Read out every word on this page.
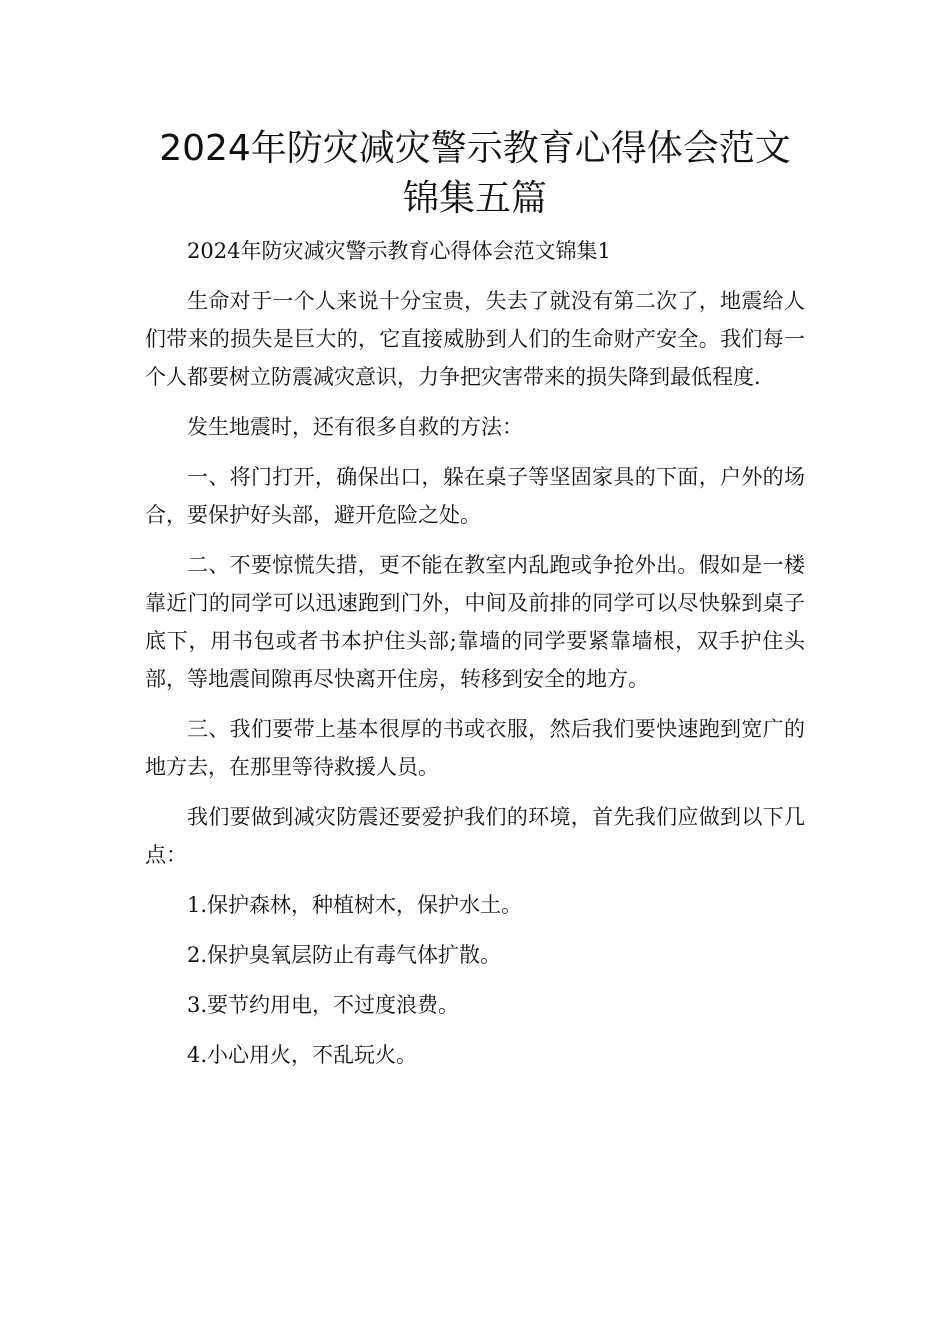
2024年防灾减灾警示教育心得体会范文锦集五篇

2024年防灾减灾警示教育心得体会范文锦集1

生命对于一个人来说十分宝贵，失去了就没有第二次了，地震给人们带来的损失是巨大的，它直接威胁到人们的生命财产安全。我们每一个人都要树立防震减灾意识，力争把灾害带来的损失降到最低程度.

发生地震时，还有很多自救的方法：

一、将门打开，确保出口，躲在桌子等坚固家具的下面，户外的场合，要保护好头部，避开危险之处。

二、不要惊慌失措，更不能在教室内乱跑或争抢外出。假如是一楼靠近门的同学可以迅速跑到门外，中间及前排的同学可以尽快躲到桌子底下，用书包或者书本护住头部;靠墙的同学要紧靠墙根，双手护住头部，等地震间隙再尽快离开住房，转移到安全的地方。

三、我们要带上基本很厚的书或衣服，然后我们要快速跑到宽广的地方去，在那里等待救援人员。

我们要做到减灾防震还要爱护我们的环境，首先我们应做到以下几点：

1.保护森林，种植树木，保护水土。

2.保护臭氧层防止有毒气体扩散。

3.要节约用电，不过度浪费。

4.小心用火，不乱玩火。
